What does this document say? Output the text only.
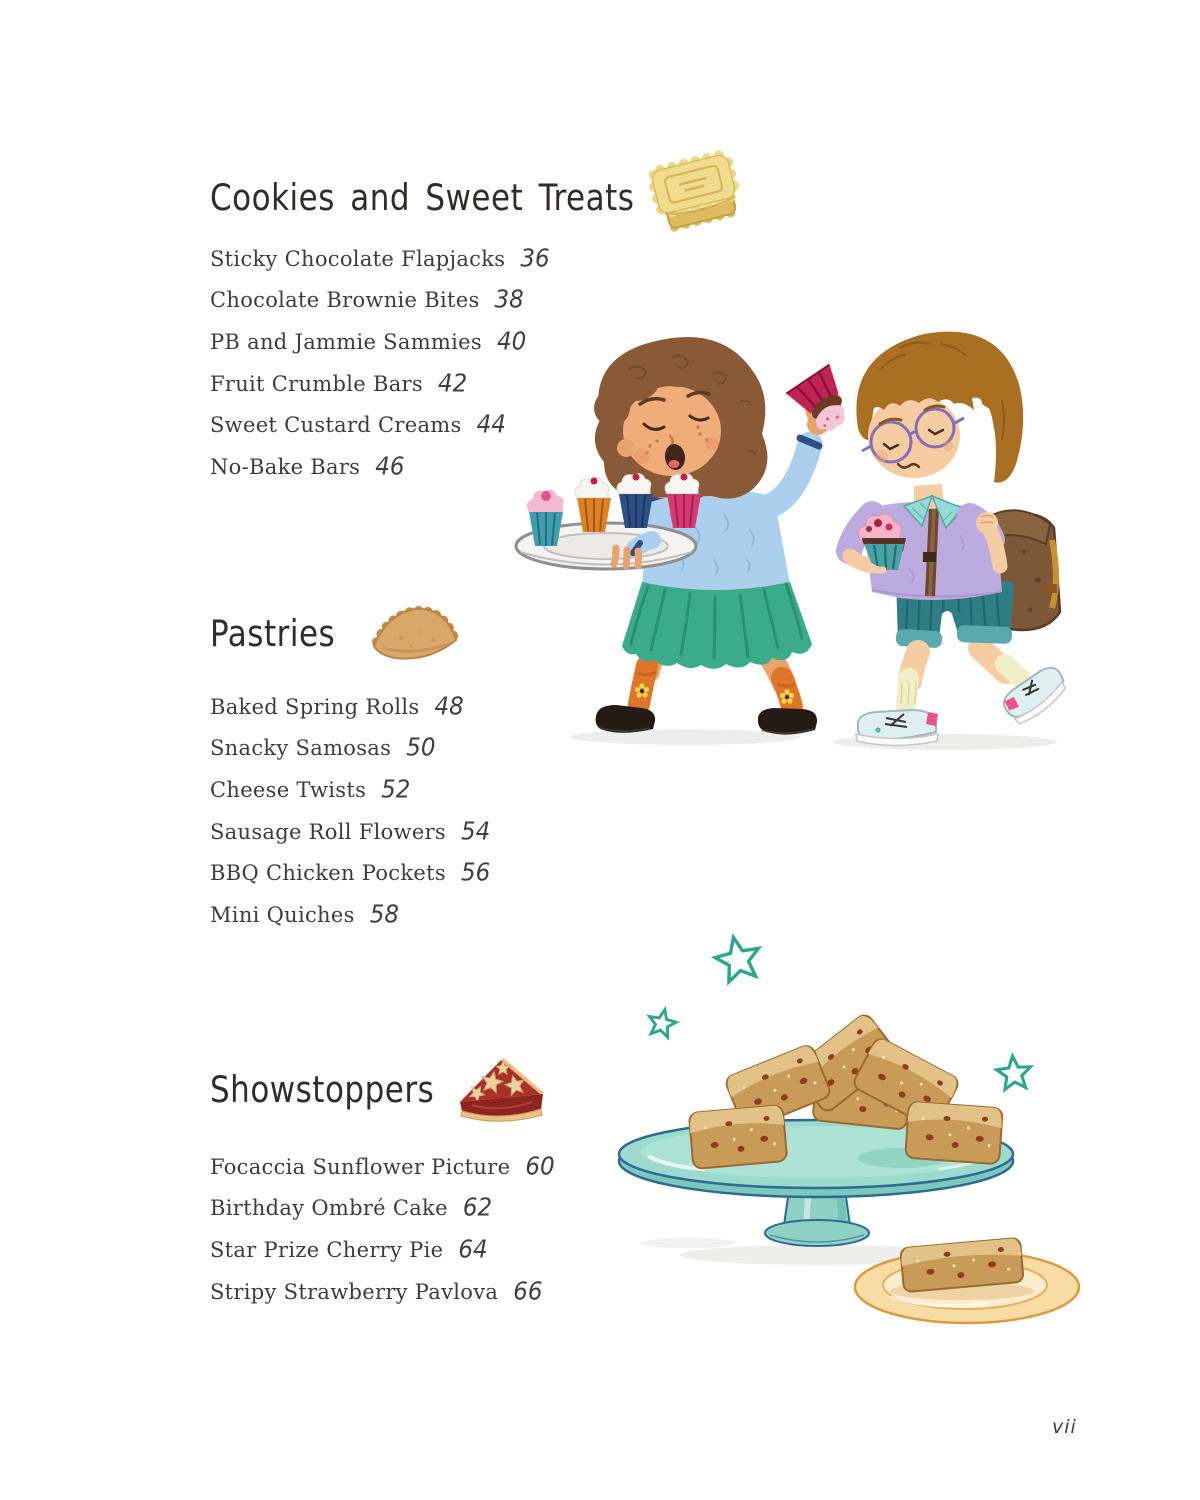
Cookies and Sweet Treats
Sticky Chocolate Flapjacks 36
Chocolate Brownie Bites 38
PB and Jammie Sammies 40
Fruit Crumble Bars 42
Sweet Custard Creams 44
No-Bake Bars 46
Pastries
Baked Spring Rolls 48
Snacky Samosas 50
Cheese Twists 52
Sausage Roll Flowers 54
BBQ Chicken Pockets 56
Mini Quiches 58
Showstoppers
Focaccia Sunflower Picture 60
Birthday Ombré Cake 62
Star Prize Cherry Pie 64
Stripy Strawberry Pavlova 66
vii
